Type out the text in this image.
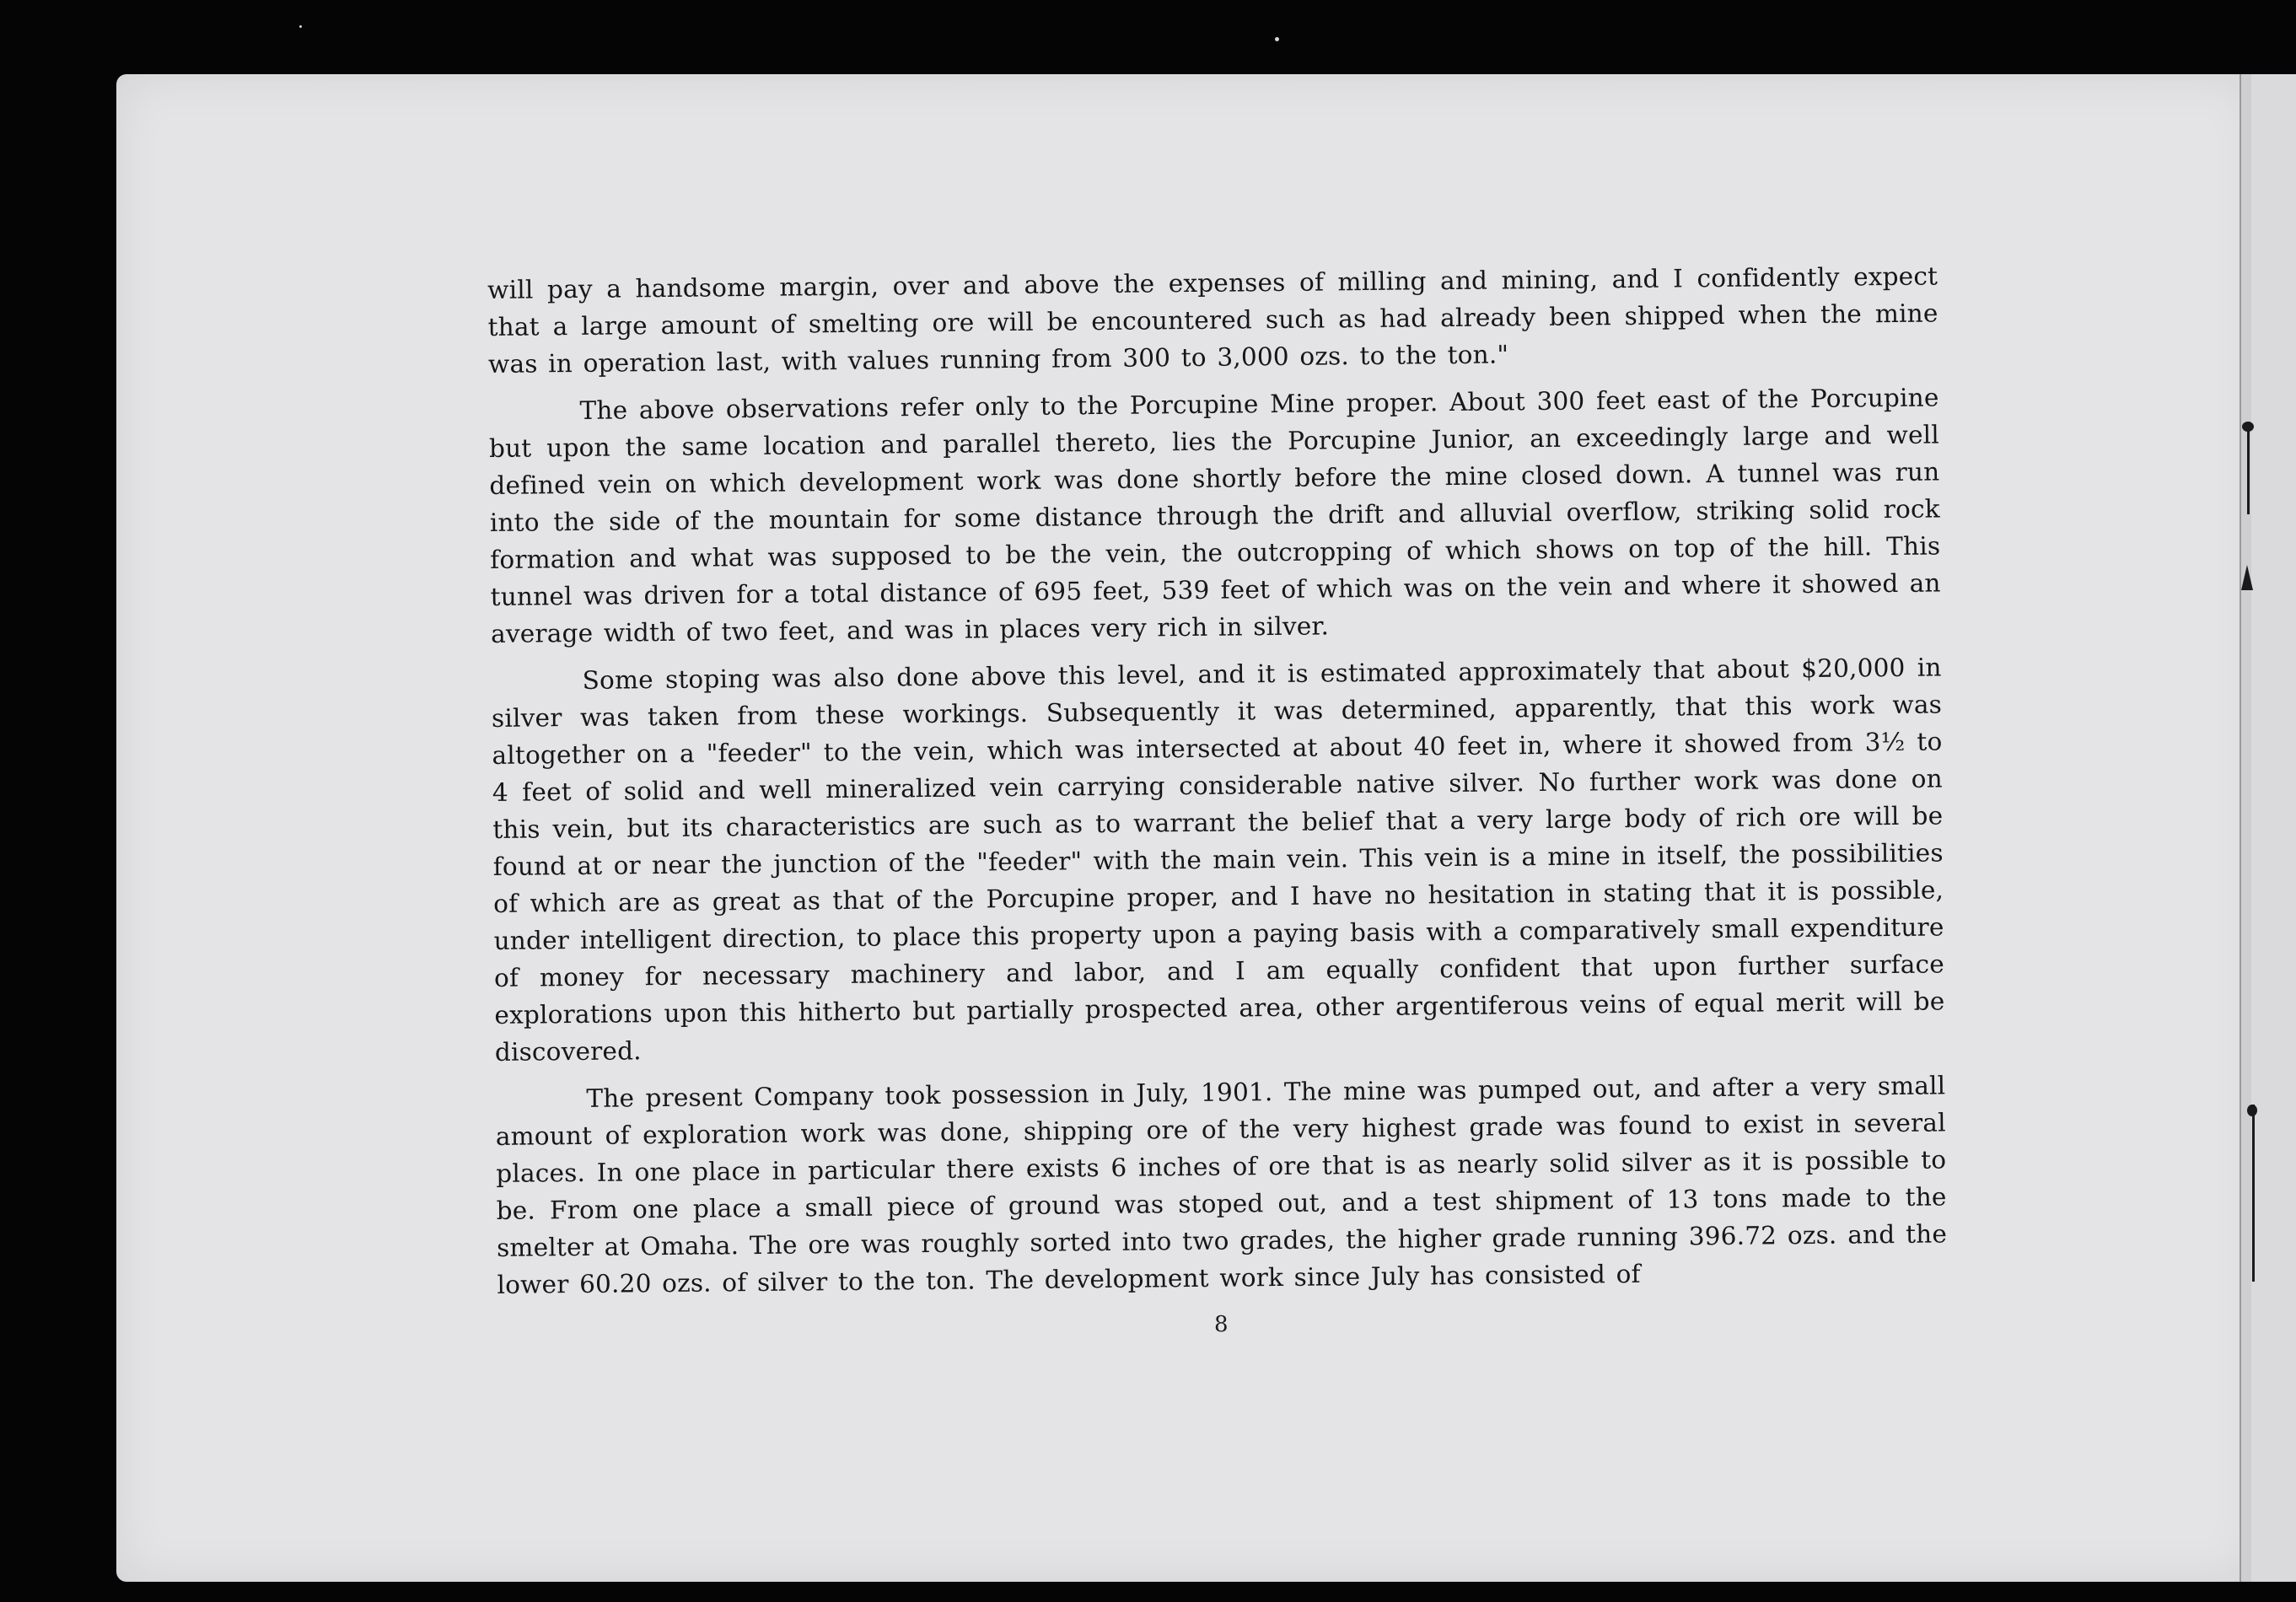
will pay a handsome margin, over and above the expenses of milling and mining, and I confidently expect that a large amount of smelting ore will be encountered such as had already been shipped when the mine was in operation last, with values running from 300 to 3,000 ozs. to the ton."

The above observations refer only to the Porcupine Mine proper. About 300 feet east of the Porcupine but upon the same location and parallel thereto, lies the Porcupine Junior, an exceedingly large and well defined vein on which development work was done shortly before the mine closed down. A tunnel was run into the side of the mountain for some distance through the drift and alluvial overflow, striking solid rock formation and what was supposed to be the vein, the outcropping of which shows on top of the hill. This tunnel was driven for a total distance of 695 feet, 539 feet of which was on the vein and where it showed an average width of two feet, and was in places very rich in silver.

Some stoping was also done above this level, and it is estimated approximately that about $20,000 in silver was taken from these workings. Subsequently it was determined, apparently, that this work was altogether on a "feeder" to the vein, which was intersected at about 40 feet in, where it showed from 3½ to 4 feet of solid and well mineralized vein carrying considerable native silver. No further work was done on this vein, but its characteristics are such as to warrant the belief that a very large body of rich ore will be found at or near the junction of the "feeder" with the main vein. This vein is a mine in itself, the possibilities of which are as great as that of the Porcupine proper, and I have no hesitation in stating that it is possible, under intelligent direction, to place this property upon a paying basis with a comparatively small expenditure of money for necessary machinery and labor, and I am equally confident that upon further surface explorations upon this hitherto but partially prospected area, other argentiferous veins of equal merit will be discovered.

The present Company took possession in July, 1901. The mine was pumped out, and after a very small amount of exploration work was done, shipping ore of the very highest grade was found to exist in several places. In one place in particular there exists 6 inches of ore that is as nearly solid silver as it is possible to be. From one place a small piece of ground was stoped out, and a test shipment of 13 tons made to the smelter at Omaha. The ore was roughly sorted into two grades, the higher grade running 396.72 ozs. and the lower 60.20 ozs. of silver to the ton. The development work since July has consisted of

8
